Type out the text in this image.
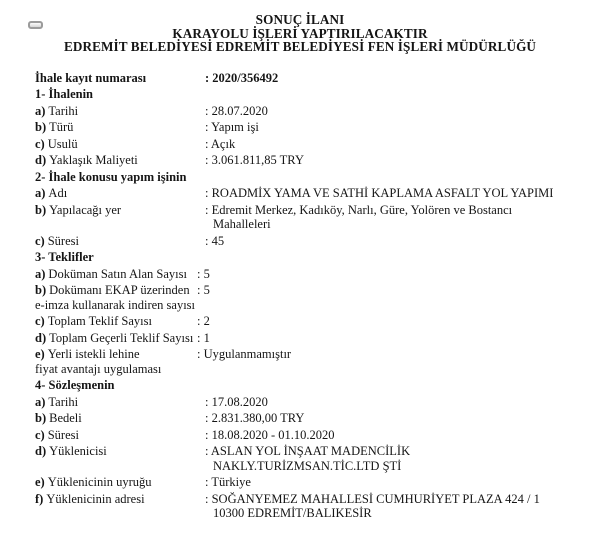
SONUÇ İLANI
KARAYOLU İŞLERİ YAPTIRILACAKTIR
EDREMİT BELEDİYESİ EDREMİT BELEDİYESİ FEN İŞLERİ MÜDÜRLÜĞÜ
İhale kayıt numarası	: 2020/356492
1- İhalenin
a) Tarihi	: 28.07.2020
b) Türü	: Yapım işi
c) Usulü	: Açık
d) Yaklaşık Maliyeti	: 3.061.811,85 TRY
2- İhale konusu yapım işinin
a) Adı	: ROADMİX YAMA VE SATHİ KAPLAMA ASFALT YOL YAPIMI
b) Yapılacağı yer	: Edremit Merkez, Kadıköy, Narlı, Güre, Yolören ve Bostancı
Mahalleleri
c) Süresi	: 45
3- Teklifler
a) Doküman Satın Alan Sayısı : 5
b) Dokümanı EKAP üzerinden
e-imza kullanarak indiren sayısı
: 5
c) Toplam Teklif Sayısı	: 2
d) Toplam Geçerli Teklif Sayısı : 1
e) Yerli istekli lehine
fiyat avantajı uygulaması
: Uygulanmamıştır
4- Sözleşmenin
a) Tarihi	: 17.08.2020
b) Bedeli	: 2.831.380,00 TRY
c) Süresi	: 18.08.2020 - 01.10.2020
d) Yüklenicisi	: ASLAN YOL İNŞAAT MADENCİLİK
NAKLY.TURİZMSAN.TİC.LTD ŞTİ
e) Yüklenicinin uyruğu	: Türkiye
f) Yüklenicinin adresi	: SOĞANYEMEZ MAHALLESİ CUMHURİYET PLAZA 424 / 1
10300 EDREMİT/BALIKESİR
